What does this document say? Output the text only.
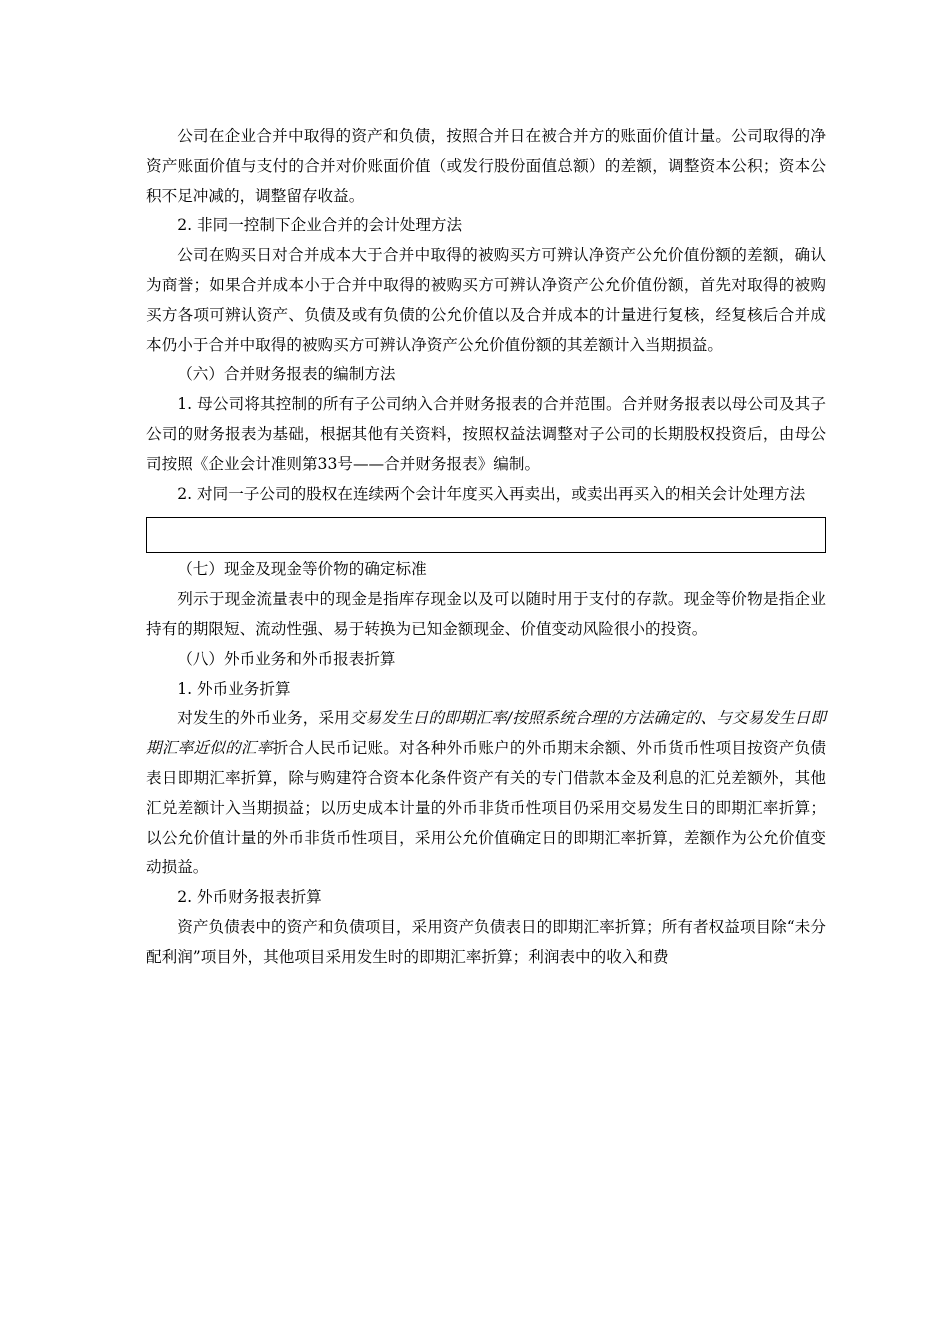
公司在企业合并中取得的资产和负债，按照合并日在被合并方的账面价值计量。公司取得的净资产账面价值与支付的合并对价账面价值（或发行股份面值总额）的差额，调整资本公积；资本公积不足冲减的，调整留存收益。

2. 非同一控制下企业合并的会计处理方法

公司在购买日对合并成本大于合并中取得的被购买方可辨认净资产公允价值份额的差额，确认为商誉；如果合并成本小于合并中取得的被购买方可辨认净资产公允价值份额，首先对取得的被购买方各项可辨认资产、负债及或有负债的公允价值以及合并成本的计量进行复核，经复核后合并成本仍小于合并中取得的被购买方可辨认净资产公允价值份额的其差额计入当期损益。

（六）合并财务报表的编制方法

1. 母公司将其控制的所有子公司纳入合并财务报表的合并范围。合并财务报表以母公司及其子公司的财务报表为基础，根据其他有关资料，按照权益法调整对子公司的长期股权投资后，由母公司按照《企业会计准则第33号——合并财务报表》编制。

2. 对同一子公司的股权在连续两个会计年度买入再卖出，或卖出再买入的相关会计处理方法

（七）现金及现金等价物的确定标准

列示于现金流量表中的现金是指库存现金以及可以随时用于支付的存款。现金等价物是指企业持有的期限短、流动性强、易于转换为已知金额现金、价值变动风险很小的投资。

（八）外币业务和外币报表折算

1. 外币业务折算

对发生的外币业务，采用交易发生日的即期汇率/按照系统合理的方法确定的、与交易发生日即期汇率近似的汇率折合人民币记账。对各种外币账户的外币期末余额、外币货币性项目按资产负债表日即期汇率折算，除与购建符合资本化条件资产有关的专门借款本金及利息的汇兑差额外，其他汇兑差额计入当期损益；以历史成本计量的外币非货币性项目仍采用交易发生日的即期汇率折算；以公允价值计量的外币非货币性项目，采用公允价值确定日的即期汇率折算，差额作为公允价值变动损益。

2. 外币财务报表折算

资产负债表中的资产和负债项目，采用资产负债表日的即期汇率折算；所有者权益项目除“未分配利润”项目外，其他项目采用发生时的即期汇率折算；利润表中的收入和费
